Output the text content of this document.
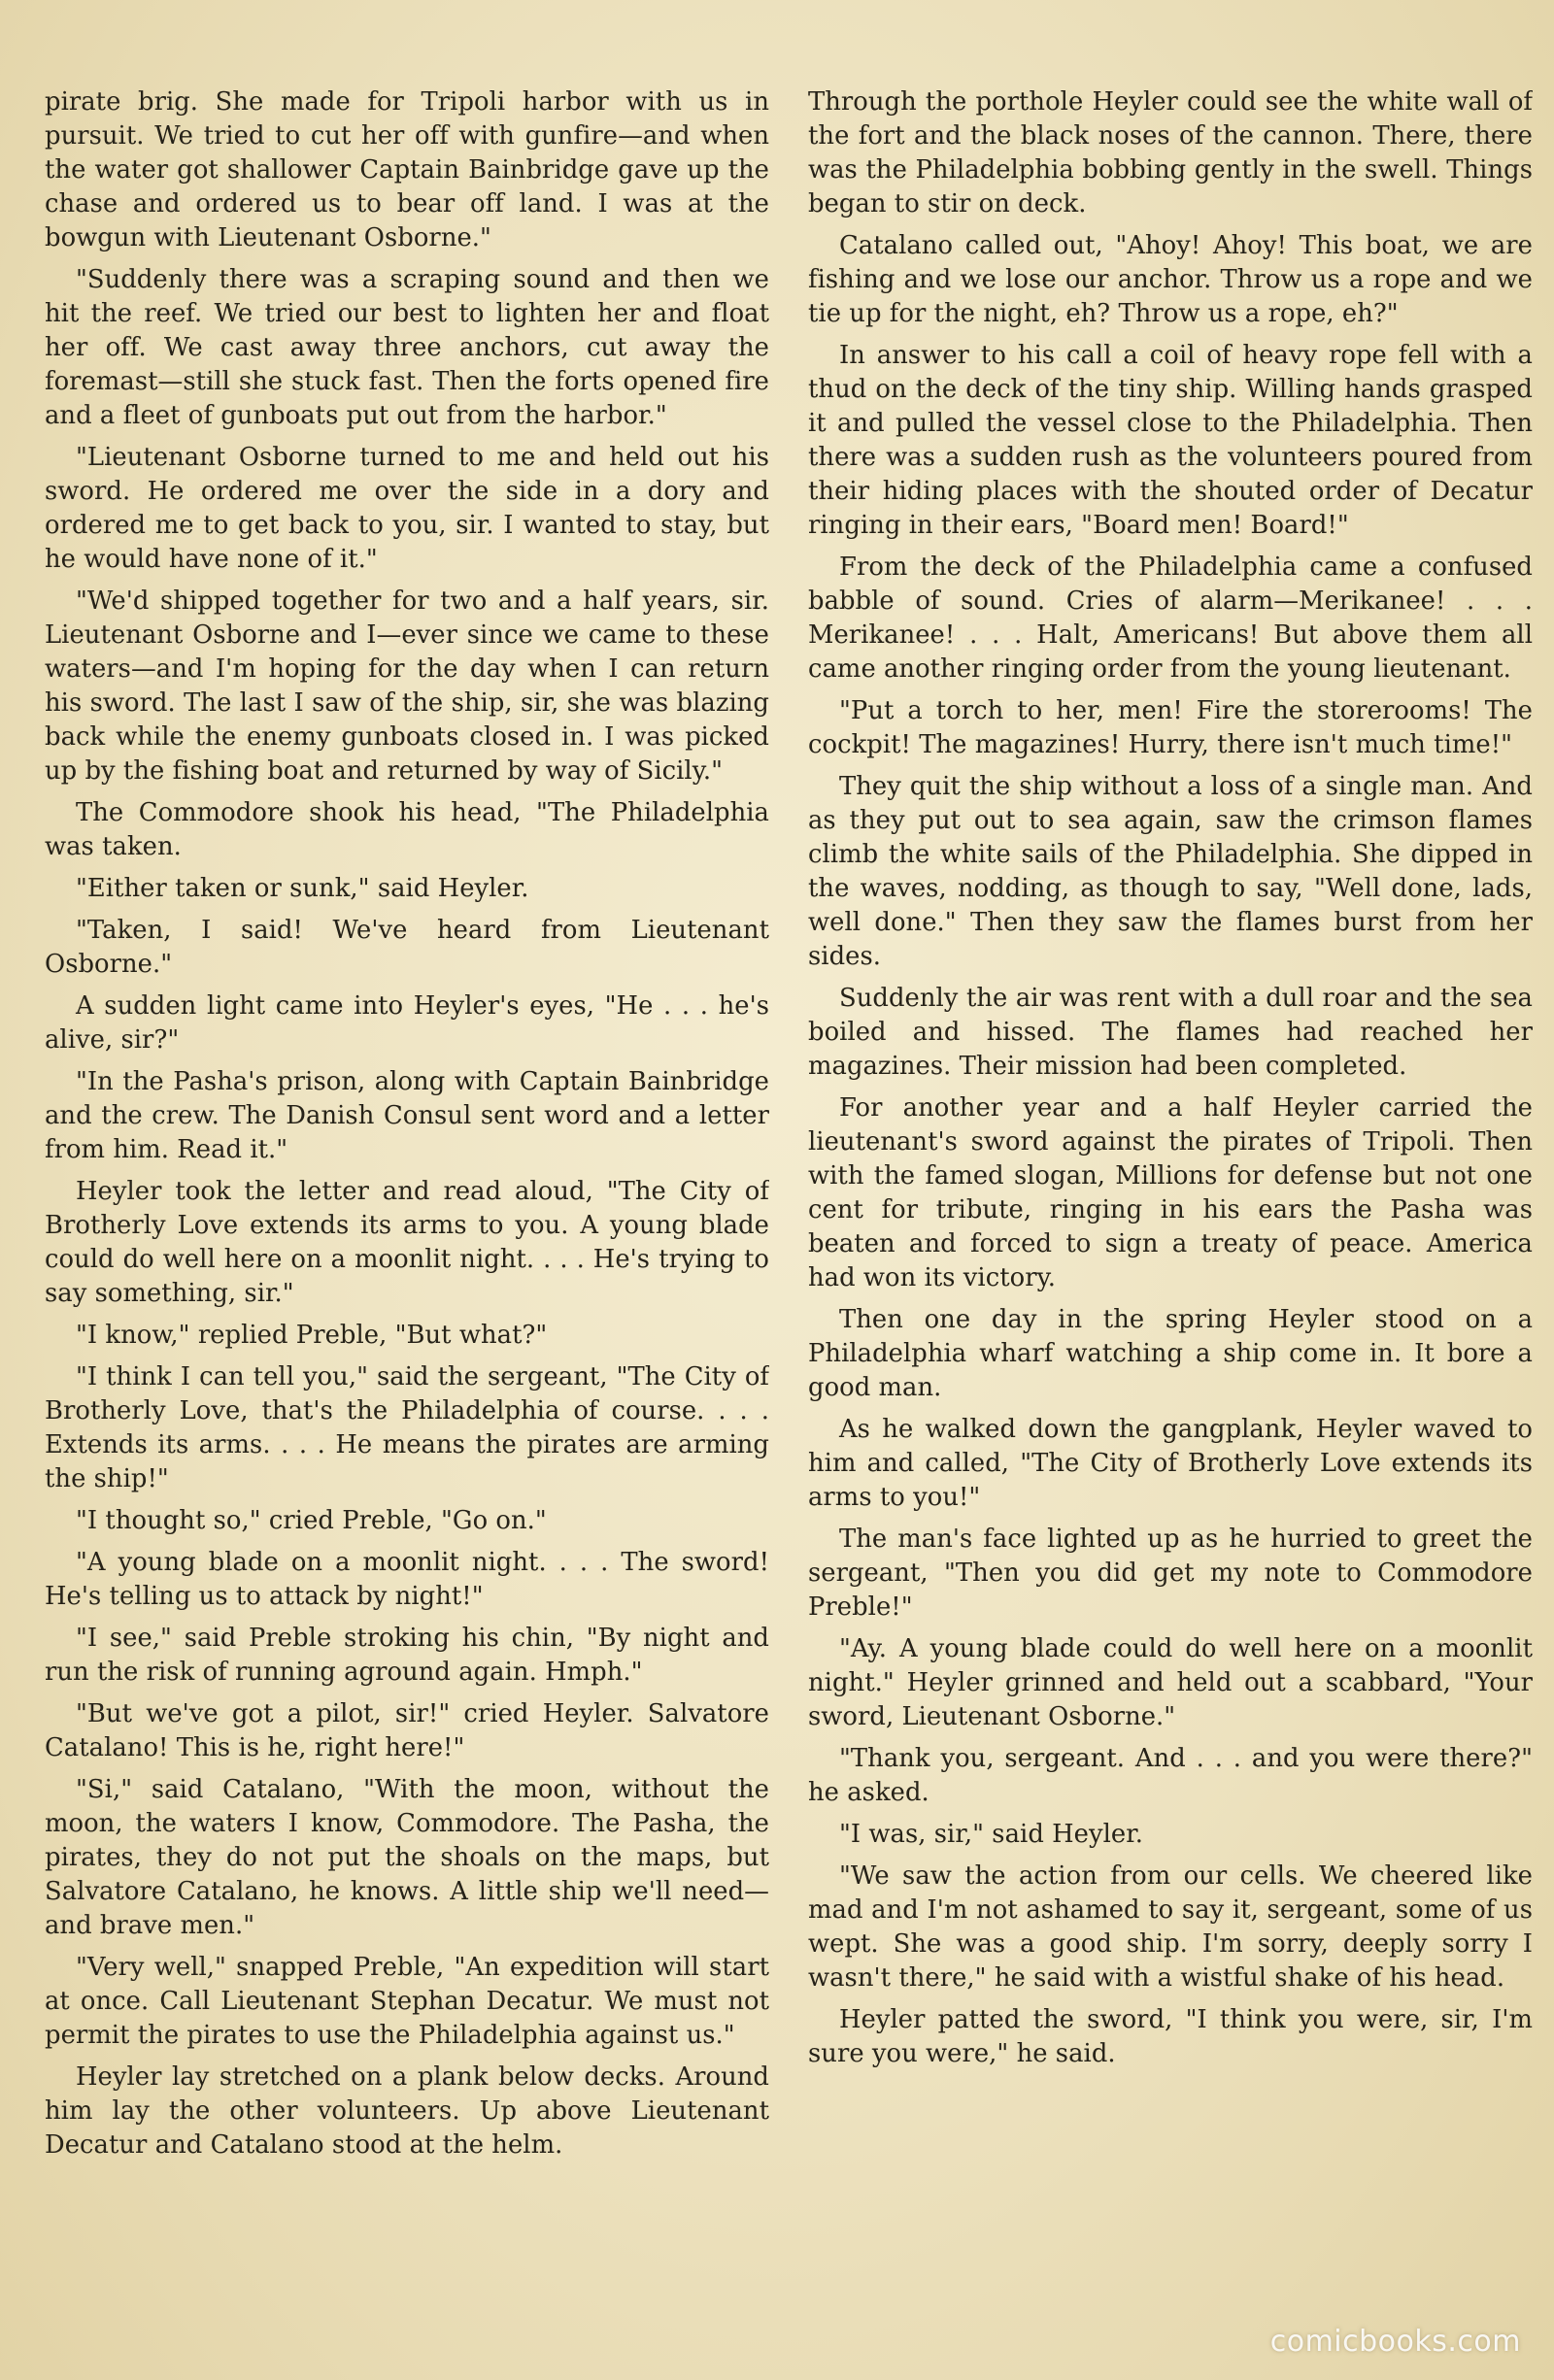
pirate brig. She made for Tripoli harbor with us in pursuit. We tried to cut her off with gunfire—and when the water got shallower Captain Bainbridge gave up the chase and ordered us to bear off land. I was at the bowgun with Lieutenant Osborne."

"Suddenly there was a scraping sound and then we hit the reef. We tried our best to lighten her and float her off. We cast away three anchors, cut away the foremast—still she stuck fast. Then the forts opened fire and a fleet of gunboats put out from the harbor."

"Lieutenant Osborne turned to me and held out his sword. He ordered me over the side in a dory and ordered me to get back to you, sir. I wanted to stay, but he would have none of it."

"We'd shipped together for two and a half years, sir. Lieutenant Osborne and I—ever since we came to these waters—and I'm hoping for the day when I can return his sword. The last I saw of the ship, sir, she was blazing back while the enemy gunboats closed in. I was picked up by the fishing boat and returned by way of Sicily."

The Commodore shook his head, "The Philadelphia was taken.

"Either taken or sunk," said Heyler.

"Taken, I said! We've heard from Lieutenant Osborne."

A sudden light came into Heyler's eyes, "He . . . he's alive, sir?"

"In the Pasha's prison, along with Captain Bainbridge and the crew. The Danish Consul sent word and a letter from him. Read it."

Heyler took the letter and read aloud, "The City of Brotherly Love extends its arms to you. A young blade could do well here on a moonlit night. . . . He's trying to say something, sir."

"I know," replied Preble, "But what?"

"I think I can tell you," said the sergeant, "The City of Brotherly Love, that's the Philadelphia of course. . . . Extends its arms. . . . He means the pirates are arming the ship!"

"I thought so," cried Preble, "Go on."

"A young blade on a moonlit night. . . . The sword! He's telling us to attack by night!"

"I see," said Preble stroking his chin, "By night and run the risk of running aground again. Hmph."

"But we've got a pilot, sir!" cried Heyler. Salvatore Catalano! This is he, right here!"

"Si," said Catalano, "With the moon, without the moon, the waters I know, Commodore. The Pasha, the pirates, they do not put the shoals on the maps, but Salvatore Catalano, he knows. A little ship we'll need—and brave men."

"Very well," snapped Preble, "An expedition will start at once. Call Lieutenant Stephan Decatur. We must not permit the pirates to use the Philadelphia against us."

Heyler lay stretched on a plank below decks. Around him lay the other volunteers. Up above Lieutenant Decatur and Catalano stood at the helm.

Through the porthole Heyler could see the white wall of the fort and the black noses of the cannon. There, there was the Philadelphia bobbing gently in the swell. Things began to stir on deck.

Catalano called out, "Ahoy! Ahoy! This boat, we are fishing and we lose our anchor. Throw us a rope and we tie up for the night, eh? Throw us a rope, eh?"

In answer to his call a coil of heavy rope fell with a thud on the deck of the tiny ship. Willing hands grasped it and pulled the vessel close to the Philadelphia. Then there was a sudden rush as the volunteers poured from their hiding places with the shouted order of Decatur ringing in their ears, "Board men! Board!"

From the deck of the Philadelphia came a confused babble of sound. Cries of alarm—Merikanee! . . . Merikanee! . . . Halt, Americans! But above them all came another ringing order from the young lieutenant.

"Put a torch to her, men! Fire the storerooms! The cockpit! The magazines! Hurry, there isn't much time!"

They quit the ship without a loss of a single man. And as they put out to sea again, saw the crimson flames climb the white sails of the Philadelphia. She dipped in the waves, nodding, as though to say, "Well done, lads, well done." Then they saw the flames burst from her sides.

Suddenly the air was rent with a dull roar and the sea boiled and hissed. The flames had reached her magazines. Their mission had been completed.

For another year and a half Heyler carried the lieutenant's sword against the pirates of Tripoli. Then with the famed slogan, Millions for defense but not one cent for tribute, ringing in his ears the Pasha was beaten and forced to sign a treaty of peace. America had won its victory.

Then one day in the spring Heyler stood on a Philadelphia wharf watching a ship come in. It bore a good man.

As he walked down the gangplank, Heyler waved to him and called, "The City of Brotherly Love extends its arms to you!"

The man's face lighted up as he hurried to greet the sergeant, "Then you did get my note to Commodore Preble!"

"Ay. A young blade could do well here on a moonlit night." Heyler grinned and held out a scabbard, "Your sword, Lieutenant Osborne."

"Thank you, sergeant. And . . . and you were there?" he asked.

"I was, sir," said Heyler.

"We saw the action from our cells. We cheered like mad and I'm not ashamed to say it, sergeant, some of us wept. She was a good ship. I'm sorry, deeply sorry I wasn't there," he said with a wistful shake of his head.

Heyler patted the sword, "I think you were, sir, I'm sure you were," he said.

comicbooks.com
